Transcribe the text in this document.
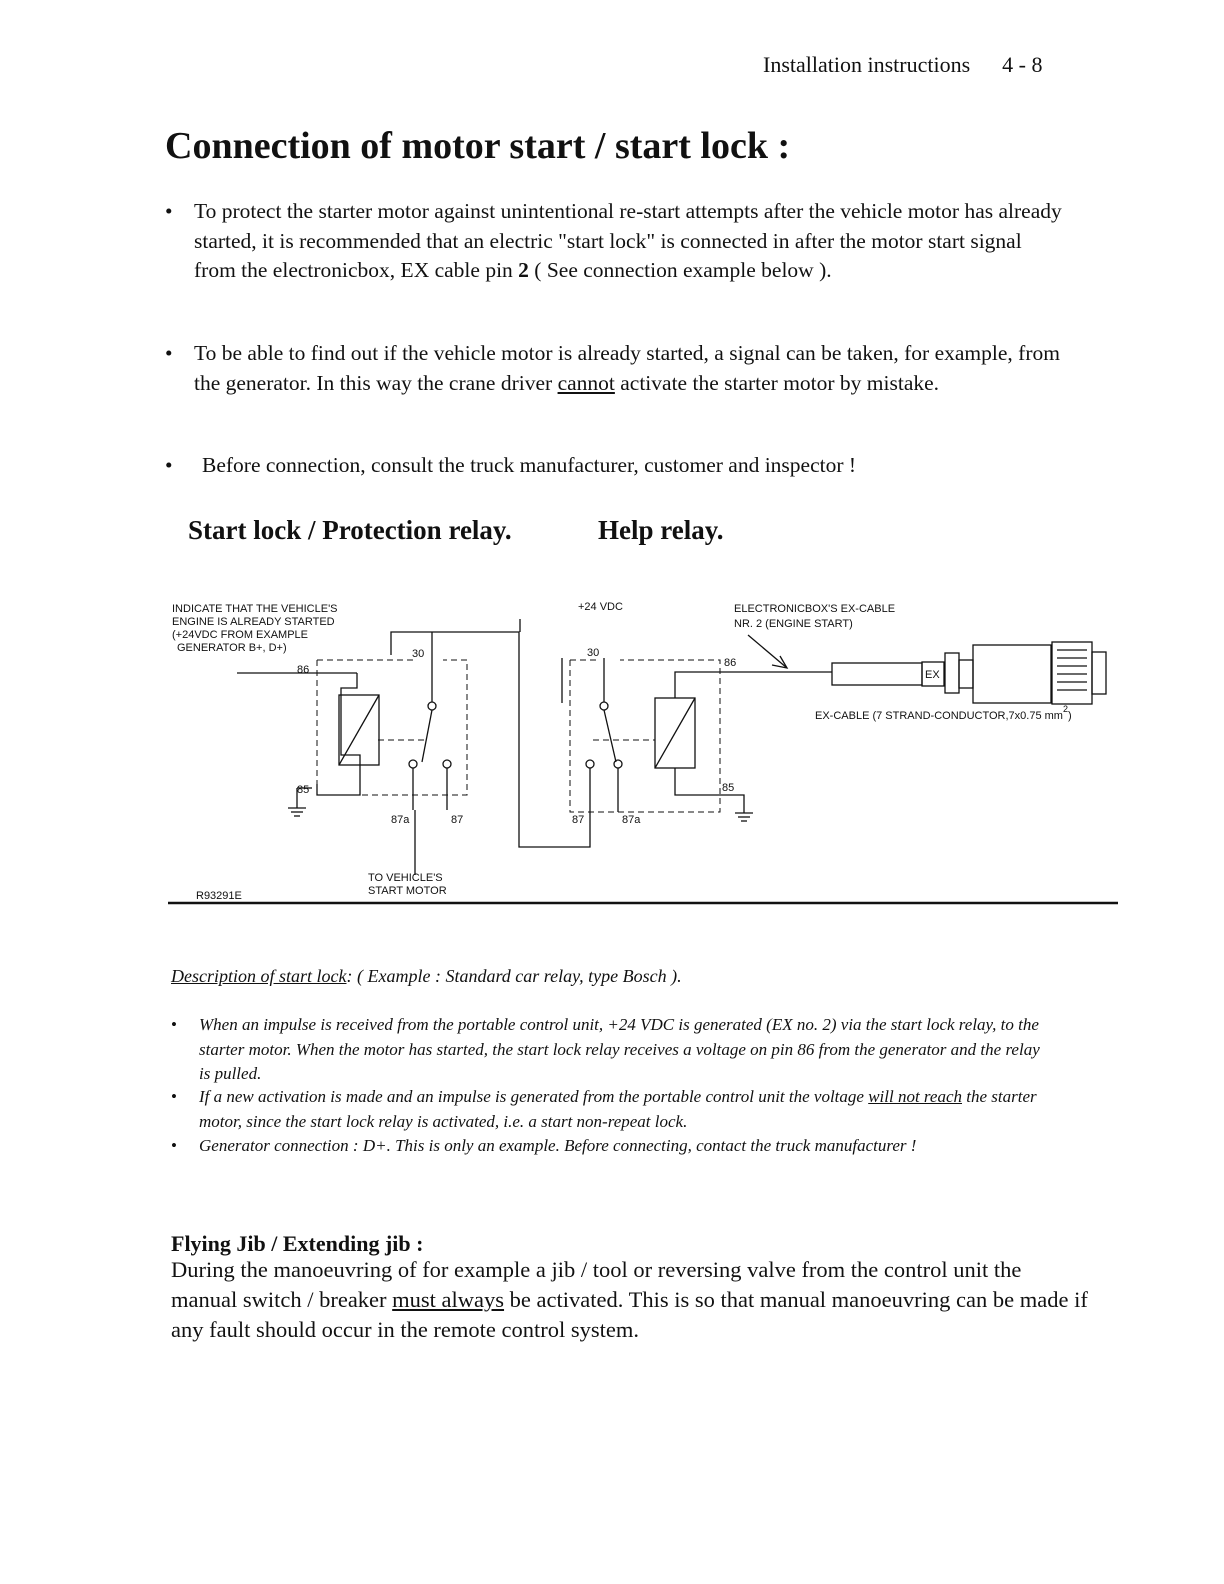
Installation instructions 4 - 8
Connection of motor start / start lock :
• To protect the starter motor against unintentional re-start attempts after the vehicle motor has already started, it is recommended that an electric "start lock" is connected in after the motor start signal from the electronicbox, EX cable pin 2 ( See connection example below ).
• To be able to find out if the vehicle motor is already started, a signal can be taken, for example, from the generator. In this way the crane driver cannot activate the starter motor by mistake.
• Before connection, consult the truck manufacturer, customer and inspector !
Start lock / Protection relay.	Help relay.
INDICATE THAT THE VEHICLE'S
ENGINE IS ALREADY STARTED
(+24VDC FROM EXAMPLE
GENERATOR B+, D+)
+24 VDC	ELECTRONICBOX'S EX-CABLE
NR. 2 (ENGINE START)
EX-CABLE (7 STRAND-CONDUCTOR,7x0.75 $mm^2$)
EX
TO VEHICLE'S
START MOTOR
R93291E
30
86
85
87a	87
30
86
85
87	87a
Description of start lock: ( Example : Standard car relay, type Bosch ).
• When an impulse is received from the portable control unit, +24 VDC is generated (EX no. 2) via the start lock relay, to the starter motor. When the motor has started, the start lock relay receives a voltage on pin 86 from the generator and the relay is pulled.
• If a new activation is made and an impulse is generated from the portable control unit the voltage will not reach the starter motor, since the start lock relay is activated, i.e. a start non-repeat lock.
• Generator connection : D+. This is only an example. Before connecting, contact the truck manufacturer !
Flying Jib / Extending jib :
During the manoeuvring of for example a jib / tool or reversing valve from the control unit the manual switch / breaker must always be activated. This is so that manual manoeuvring can be made if any fault should occur in the remote control system.
